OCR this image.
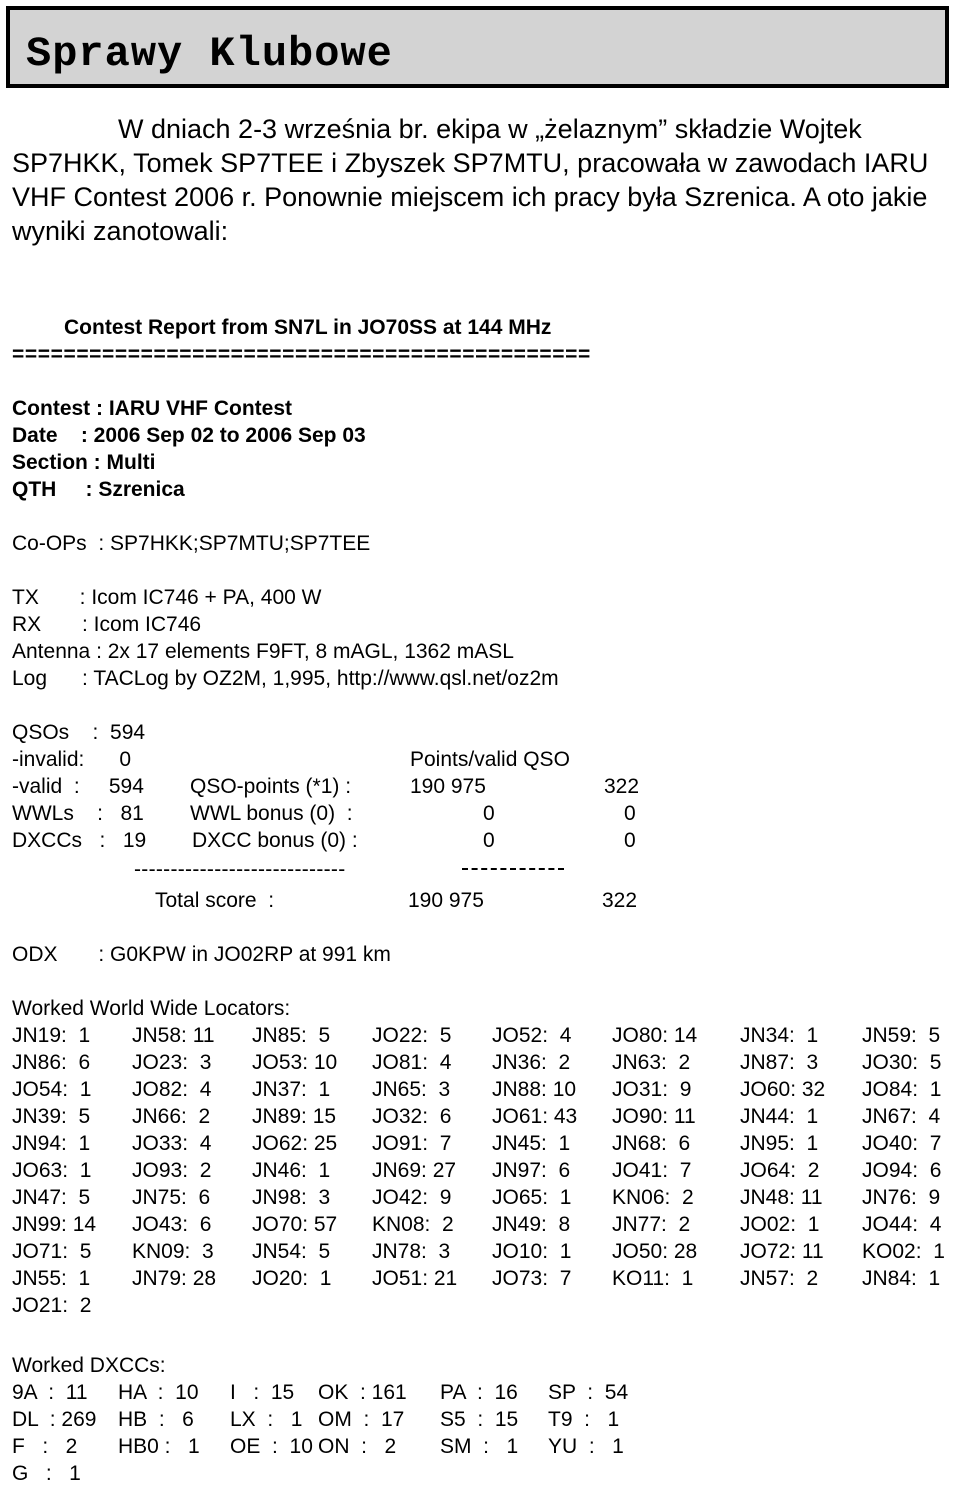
Sprawy Klubowe

W dniach 2-3 września br. ekipa w „żelaznym” składzie Wojtek SP7HKK, Tomek SP7TEE i Zbyszek SP7MTU, pracowała w zawodach IARU VHF Contest 2006 r. Ponownie miejscem ich pracy była Szrenica. A oto jakie wyniki zanotowali:

Contest Report from SN7L in JO70SS at 144 MHz
=============================================
Contest : IARU VHF Contest
Date    : 2006 Sep 02 to 2006 Sep 03
Section : Multi
QTH     : Szrenica
Co-OPs  : SP7HKK;SP7MTU;SP7TEE
TX       : Icom IC746 + PA, 400 W
RX       : Icom IC746
Antenna : 2x 17 elements F9FT, 8 mAGL, 1362 mASL
Log      : TACLog by OZ2M, 1,995, http://www.qsl.net/oz2m
QSOs    :  594
-invalid:      0	Points/valid QSO
-valid  :     594 QSO-points (*1) :	190 975	322
WWLs    :   81 WWL bonus (0)  :	0	0
DXCCs   :   19 DXCC bonus (0) :	0	0
-----------------------------
Total score  :	190 975	322
ODX       : G0KPW in JO02RP at 991 km
Worked World Wide Locators:
JN19:  1 JN58: 11 JN85:  5 JO22:  5 JO52:  4 JO80: 14 JN34:  1 JN59:  5
JN86:  6 JO23:  3 JO53: 10 JO81:  4 JN36:  2 JN63:  2 JN87:  3 JO30:  5
JO54:  1 JO82:  4 JN37:  1 JN65:  3 JN88: 10 JO31:  9 JO60: 32 JO84:  1
JN39:  5 JN66:  2 JN89: 15 JO32:  6 JO61: 43 JO90: 11 JN44:  1 JN67:  4
JN94:  1 JO33:  4 JO62: 25 JO91:  7 JN45:  1 JN68:  6 JN95:  1 JO40:  7
JO63:  1 JO93:  2 JN46:  1 JN69: 27 JN97:  6 JO41:  7 JO64:  2 JO94:  6
JN47:  5 JN75:  6 JN98:  3 JO42:  9 JO65:  1 KN06:  2 JN48: 11 JN76:  9
JN99: 14 JO43:  6 JO70: 57 KN08:  2 JN49:  8 JN77:  2 JO02:  1 JO44:  4
JO71:  5 KN09:  3 JN54:  5 JN78:  3 JO10:  1 JO50: 28 JO72: 11 KO02:  1
JN55:  1 JN79: 28 JO20:  1 JO51: 21 JO73:  7 KO11:  1 JN57:  2 JN84:  1
JO21:  2
Worked DXCCs:
9A  :  11 HA  :  10 I   :  15 OK  : 161 PA  :  16 SP  :  54
DL  : 269 HB  :   6 LX  :   1 OM  :  17 S5  :  15 T9  :   1
F   :   2 HB0 :   1 OE  :  10 ON  :   2 SM  :   1 YU  :   1
G   :   1
